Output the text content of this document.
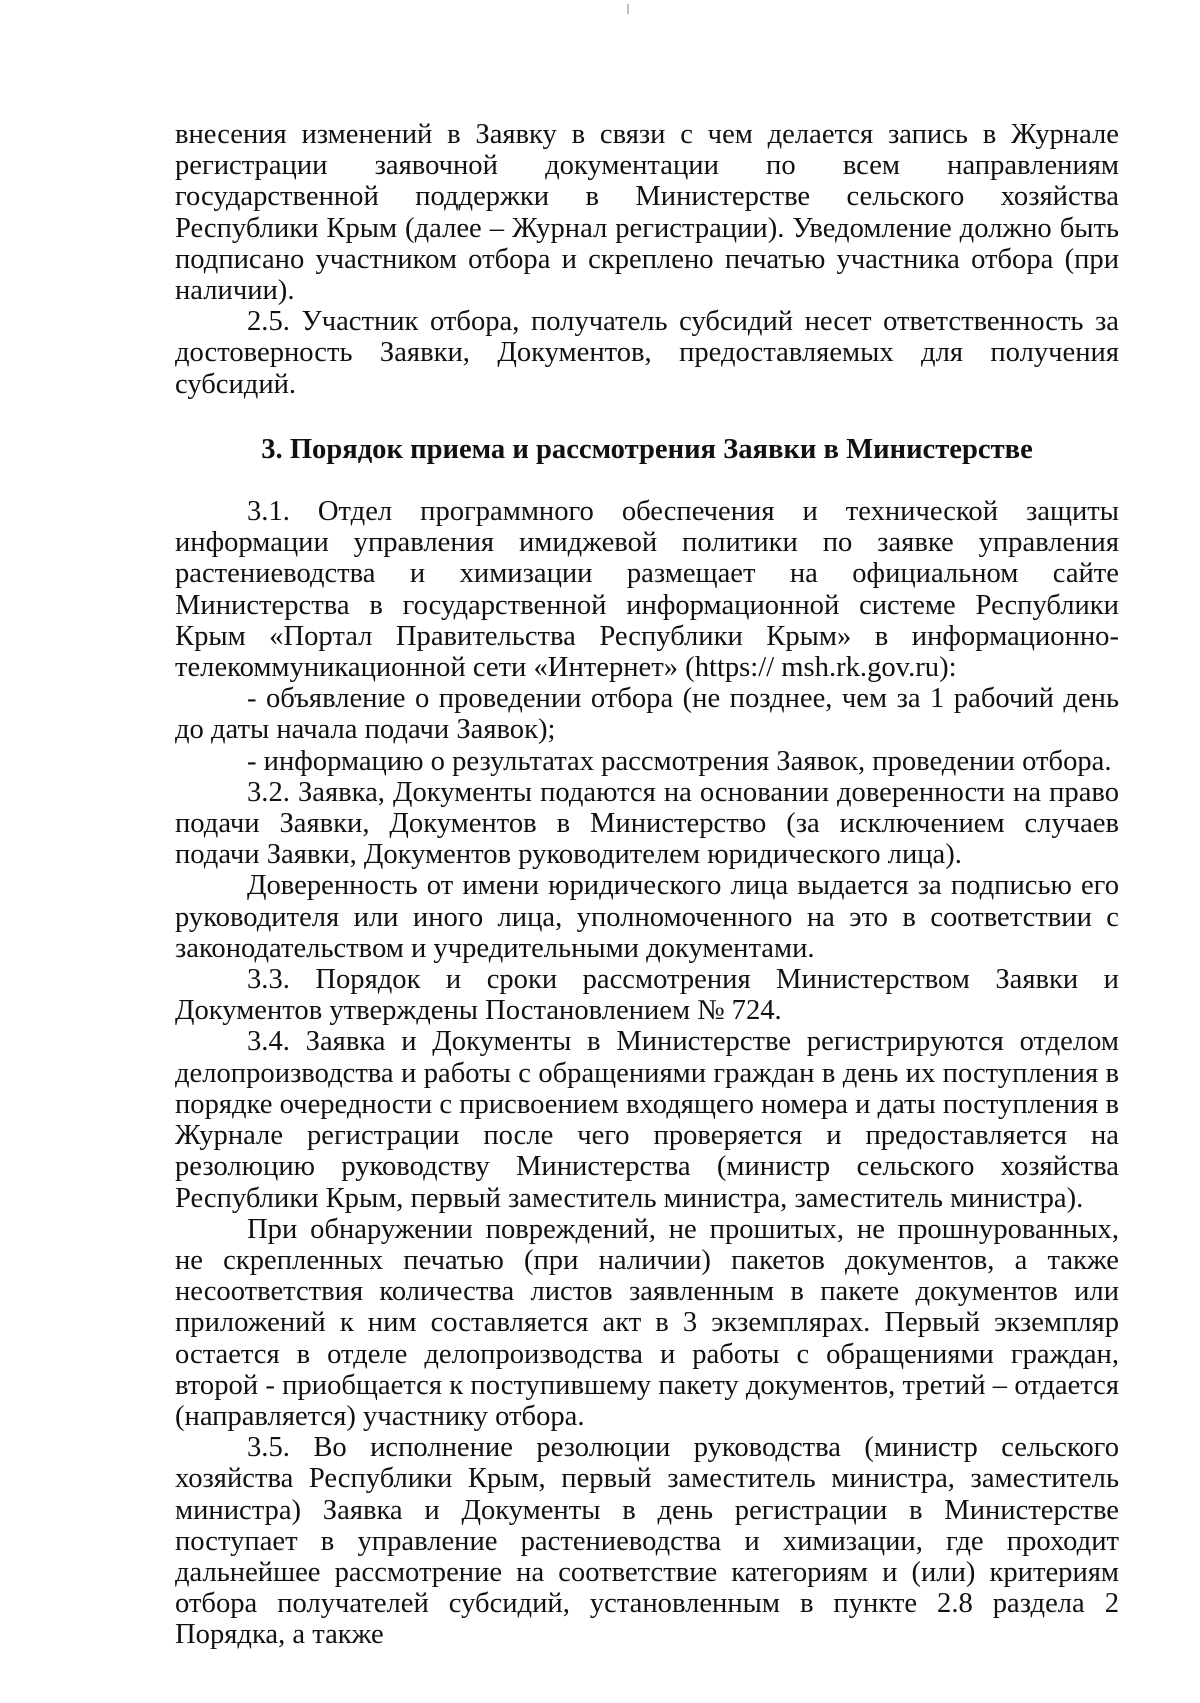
внесения изменений в Заявку в связи с чем делается запись в Журнале регистрации заявочной документации по всем направлениям государственной поддержки в Министерстве сельского хозяйства Республики Крым (далее – Журнал регистрации). Уведомление должно быть подписано участником отбора и скреплено печатью участника отбора (при наличии).

2.5. Участник отбора, получатель субсидий несет ответственность за достоверность Заявки, Документов, предоставляемых для получения субсидий.

3. Порядок приема и рассмотрения Заявки в Министерстве

3.1. Отдел программного обеспечения и технической защиты информации управления имиджевой политики по заявке управления растениеводства и химизации размещает на официальном сайте Министерства в государственной информационной системе Республики Крым «Портал Правительства Республики Крым» в информационно-телекоммуникационной сети «Интернет» (https:// msh.rk.gov.ru):

- объявление о проведении отбора (не позднее, чем за 1 рабочий день до даты начала подачи Заявок);

- информацию о результатах рассмотрения Заявок, проведении отбора.

3.2. Заявка, Документы подаются на основании доверенности на право подачи Заявки, Документов в Министерство (за исключением случаев подачи Заявки, Документов руководителем юридического лица).

Доверенность от имени юридического лица выдается за подписью его руководителя или иного лица, уполномоченного на это в соответствии с законодательством и учредительными документами.

3.3. Порядок и сроки рассмотрения Министерством Заявки и Документов утверждены Постановлением № 724.

3.4. Заявка и Документы в Министерстве регистрируются отделом делопроизводства и работы с обращениями граждан в день их поступления в порядке очередности с присвоением входящего номера и даты поступления в Журнале регистрации после чего проверяется и предоставляется на резолюцию руководству Министерства (министр сельского хозяйства Республики Крым, первый заместитель министра, заместитель министра).

При обнаружении повреждений, не прошитых, не прошнурованных, не скрепленных печатью (при наличии) пакетов документов, а также несоответствия количества листов заявленным в пакете документов или приложений к ним составляется акт в 3 экземплярах. Первый экземпляр остается в отделе делопроизводства и работы с обращениями граждан, второй - приобщается к поступившему пакету документов, третий – отдается (направляется) участнику отбора.

3.5. Во исполнение резолюции руководства (министр сельского хозяйства Республики Крым, первый заместитель министра, заместитель министра) Заявка и Документы в день регистрации в Министерстве поступает в управление растениеводства и химизации, где проходит дальнейшее рассмотрение на соответствие категориям и (или) критериям отбора получателей субсидий, установленным в пункте 2.8 раздела 2 Порядка, а также
